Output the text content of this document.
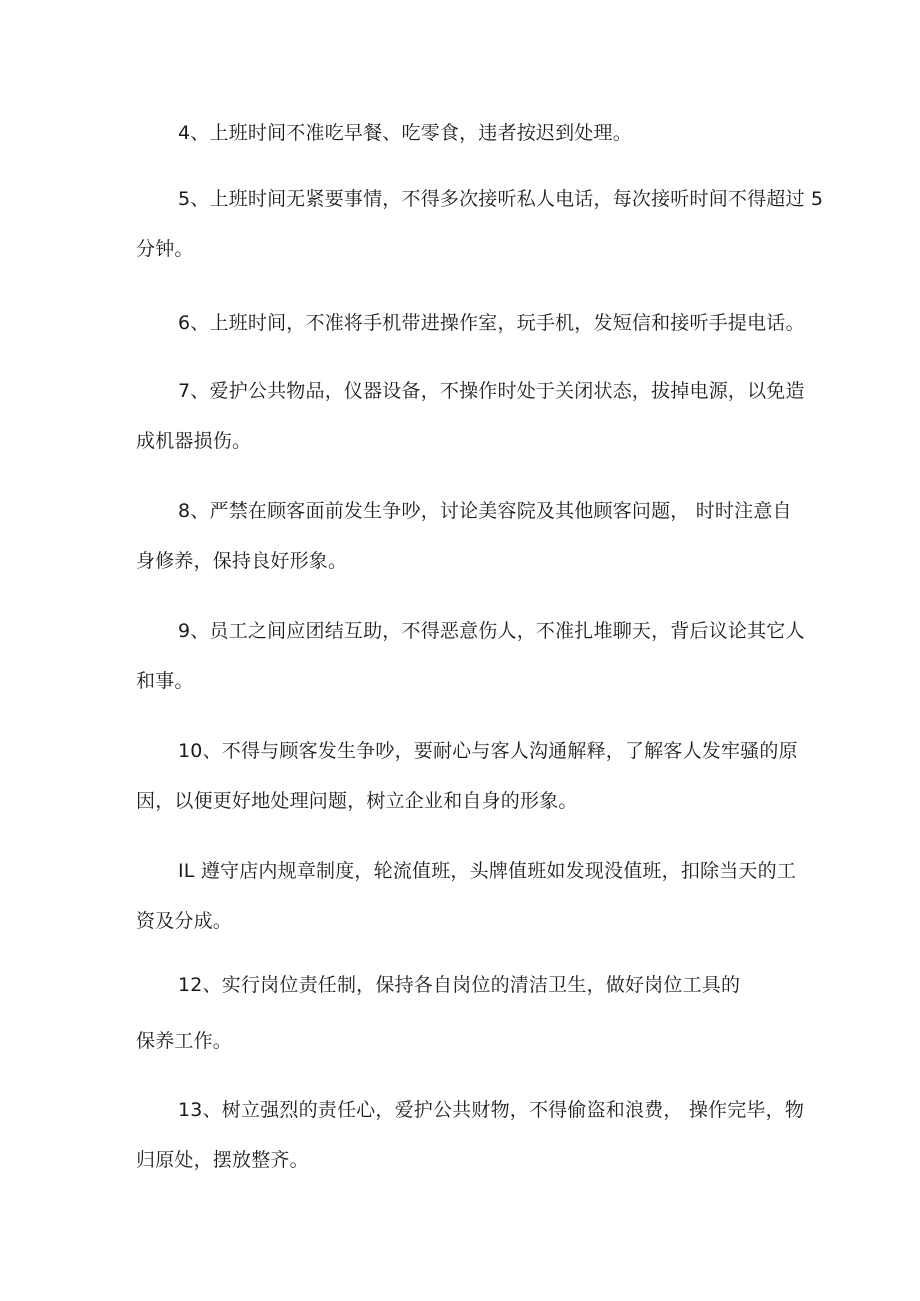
4、上班时间不准吃早餐、吃零食，违者按迟到处理。

5、上班时间无紧要事情，不得多次接听私人电话，每次接听时间不得超过 5
分钟。

6、上班时间，不准将手机带进操作室，玩手机，发短信和接听手提电话。

7、爱护公共物品，仪器设备，不操作时处于关闭状态，拔掉电源，以免造
成机器损伤。

8、严禁在顾客面前发生争吵，讨论美容院及其他顾客问题， 时时注意自
身修养，保持良好形象。

9、员工之间应团结互助，不得恶意伤人，不准扎堆聊天，背后议论其它人
和事。

10、不得与顾客发生争吵，要耐心与客人沟通解释，了解客人发牢骚的原
因，以便更好地处理问题，树立企业和自身的形象。

IL 遵守店内规章制度，轮流值班，头牌值班如发现没值班，扣除当天的工
资及分成。

12、实行岗位责任制，保持各自岗位的清洁卫生，做好岗位工具的

保养工作。

13、树立强烈的责任心，爱护公共财物，不得偷盗和浪费， 操作完毕，物
归原处，摆放整齐。
